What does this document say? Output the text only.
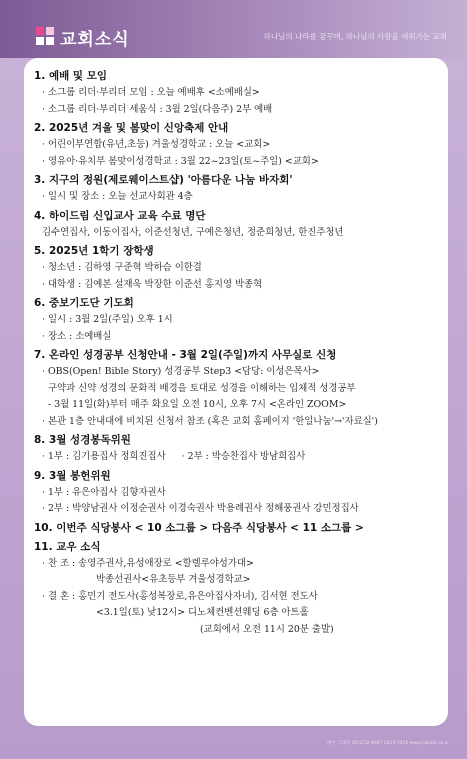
교회소식	하나님의 나라를 꿈꾸며, 하나님의 사람을 세워가는 교회
1. 예배 및 모임
· 소그룹 리더·부리더 모임 : 오늘 예배후 <소예배실>
· 소그룹 리더·부리더 세움식 : 3월 2일(다음주) 2부 예배
2. 2025년 겨울 및 봄맞이 신앙축제 안내
· 어린이부연합(유년,초등) 겨울성경학교 : 오늘 <교회>
· 영유아·유치부 봄맞이성경학교 : 3월 22~23일(토~주일) <교회>
3. 지구의 정원(제로웨이스트샵) '아름다운 나눔 바자회'
· 일시 및 장소 : 오늘 선교사회관 4층
4. 하이드림 신입교사 교육 수료 명단
김수연집사, 이동이집사, 이준선청년, 구예은청년, 정준희청년, 한진주청년
5. 2025년 1학기 장학생
· 청소년 : 김하영 구준혁 박하슴 이한결
· 대학생 : 김예본 설재욱 박장한 이준선 홍지영 박종혁
6. 중보기도단 기도회
· 일시 : 3월 2일(주일) 오후 1시
· 장소 : 소예배실
7. 온라인 성경공부 신청안내 - 3월 2일(주일)까지 사무실로 신청
· OBS(Open! Bible Story) 성경공부 Step3 <담당: 이성은목사>
구약과 신약 성경의 문화적 배경을 토대로 성경을 이해하는 입체적 성경공부
- 3월 11일(화)부터 매주 화요일 오전 10시, 오후 7시 <온라인 ZOOM>
· 본관 1층 안내대에 비치된 신청서 참조 (혹은 교회 홈페이지 '한일나눔'→'자료실')
8. 3월 성경봉독위원
· 1부 : 김기용집사 정희진집사 · 2부 : 박승찬집사 방남희집사
9. 3월 봉헌위원
· 1부 : 유은아집사 김향자권사
· 2부 : 박양남권사 이정순권사 이경숙권사 박용례권사 정해풍권사 강민정집사
10. 이번주 식당봉사 < 10 소그룹 > 다음주 식당봉사 < 11 소그룹 >
11. 교우 소식
· 찬 조 : 송영주권사,유성애장로 <할렐루야성가대>
박종선권사<유초등부 겨울성경학교>
· 결 혼 : 홍민기 전도사(홍성복장로,유은아집사자녀), 김서현 전도사
<3.1일(토) 낮12시> 디노체컨벤션웨딩 6층 아트홀
(교회에서 오전 11시 20분 출발)
메이 그래픽 (02)272-4667 2615-5420 www.jsbible.co.kr
